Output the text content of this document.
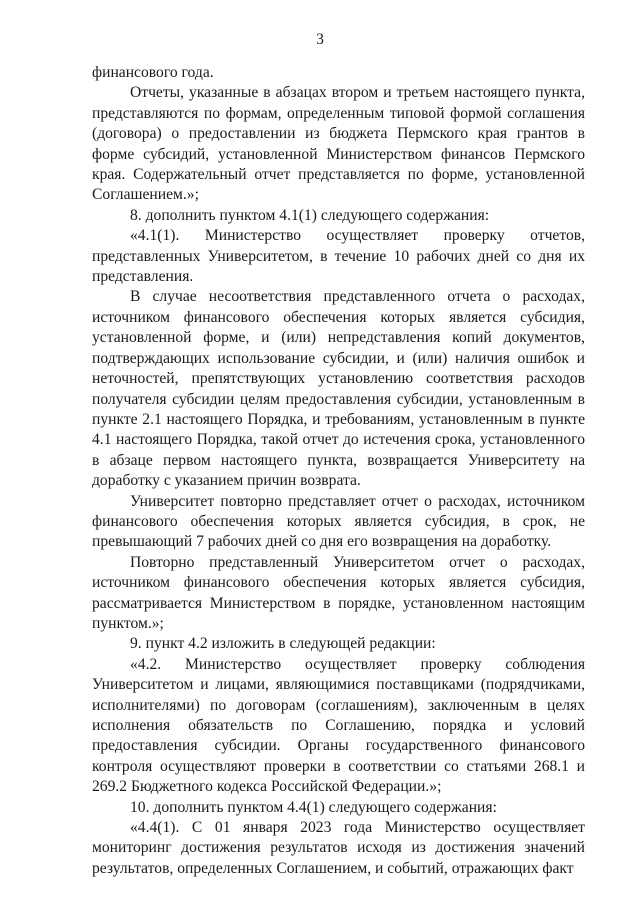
3

финансового года.

Отчеты, указанные в абзацах втором и третьем настоящего пункта, представляются по формам, определенным типовой формой соглашения (договора) о предоставлении из бюджета Пермского края грантов в форме субсидий, установленной Министерством финансов Пермского края. Содержательный отчет представляется по форме, установленной Соглашением.»;

8. дополнить пунктом 4.1(1) следующего содержания:

«4.1(1). Министерство осуществляет проверку отчетов, представленных Университетом, в течение 10 рабочих дней со дня их представления.

В случае несоответствия представленного отчета о расходах, источником финансового обеспечения которых является субсидия, установленной форме, и (или) непредставления копий документов, подтверждающих использование субсидии, и (или) наличия ошибок и неточностей, препятствующих установлению соответствия расходов получателя субсидии целям предоставления субсидии, установленным в пункте 2.1 настоящего Порядка, и требованиям, установленным в пункте 4.1 настоящего Порядка, такой отчет до истечения срока, установленного в абзаце первом настоящего пункта, возвращается Университету на доработку с указанием причин возврата.

Университет повторно представляет отчет о расходах, источником финансового обеспечения которых является субсидия, в срок, не превышающий 7 рабочих дней со дня его возвращения на доработку.

Повторно представленный Университетом отчет о расходах, источником финансового обеспечения которых является субсидия, рассматривается Министерством в порядке, установленном настоящим пунктом.»;

9. пункт 4.2 изложить в следующей редакции:

«4.2. Министерство осуществляет проверку соблюдения Университетом и лицами, являющимися поставщиками (подрядчиками, исполнителями) по договорам (соглашениям), заключенным в целях исполнения обязательств по Соглашению, порядка и условий предоставления субсидии. Органы государственного финансового контроля осуществляют проверки в соответствии со статьями 268.1 и 269.2 Бюджетного кодекса Российской Федерации.»;

10. дополнить пунктом 4.4(1) следующего содержания:

«4.4(1). С 01 января 2023 года Министерство осуществляет мониторинг достижения результатов исходя из достижения значений результатов, определенных Соглашением, и событий, отражающих факт
